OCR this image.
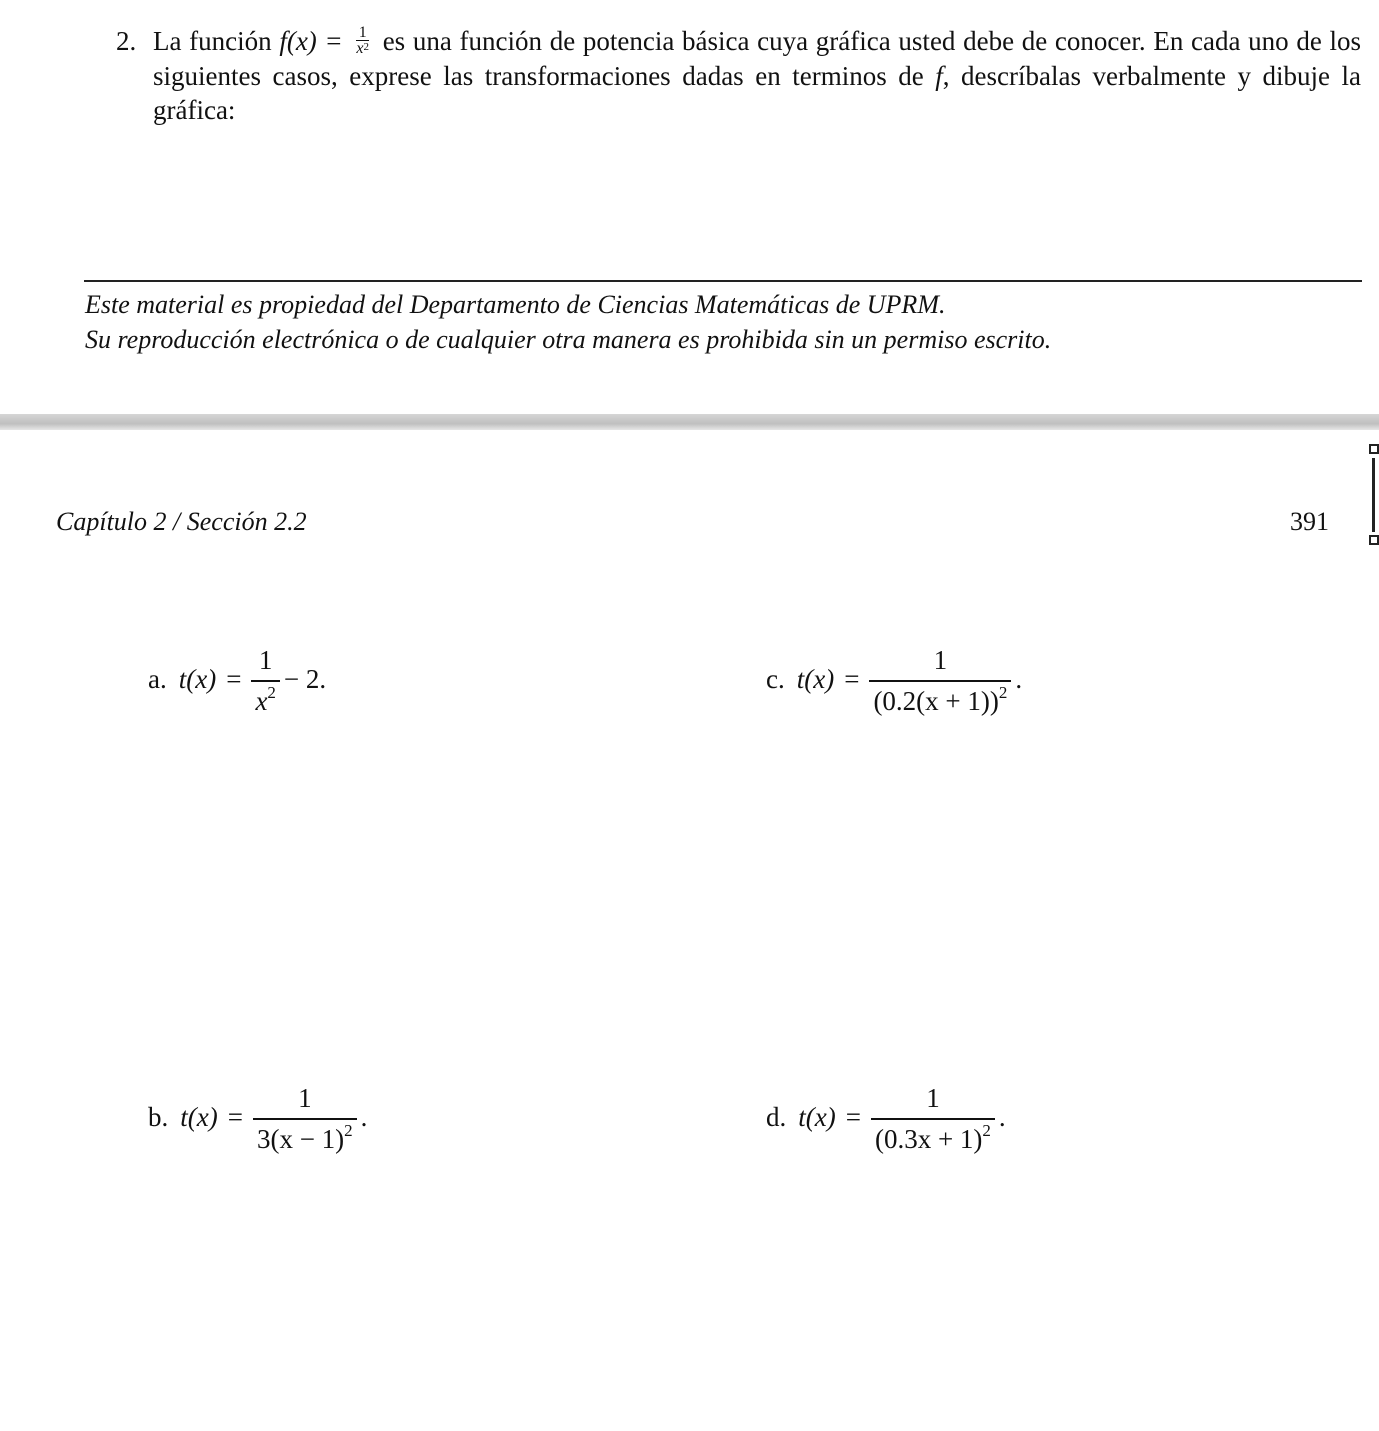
2. La función $f(x) = \frac{1}{x^2}$ es una función de potencia básica cuya gráfica usted debe de conocer. En cada uno de los siguientes casos, exprese las transformaciones dadas en terminos de f, descríbalas verbalmente y dibuje la gráfica:
Este material es propiedad del Departamento de Ciencias Matemáticas de UPRM.
Su reproducción electrónica o de cualquier otra manera es prohibida sin un permiso escrito.
Capítulo 2 / Sección 2.2	391
a. $t(x) = \frac{1}{x^2} - 2$.
b. $t(x) = \frac{1}{3(x - 1)^2}$ .
c. $t(x) = \frac{1}{(0.2(x + 1))^2}$ .
d. $t(x) = \frac{1}{(0.3x + 1)^2}$ .
